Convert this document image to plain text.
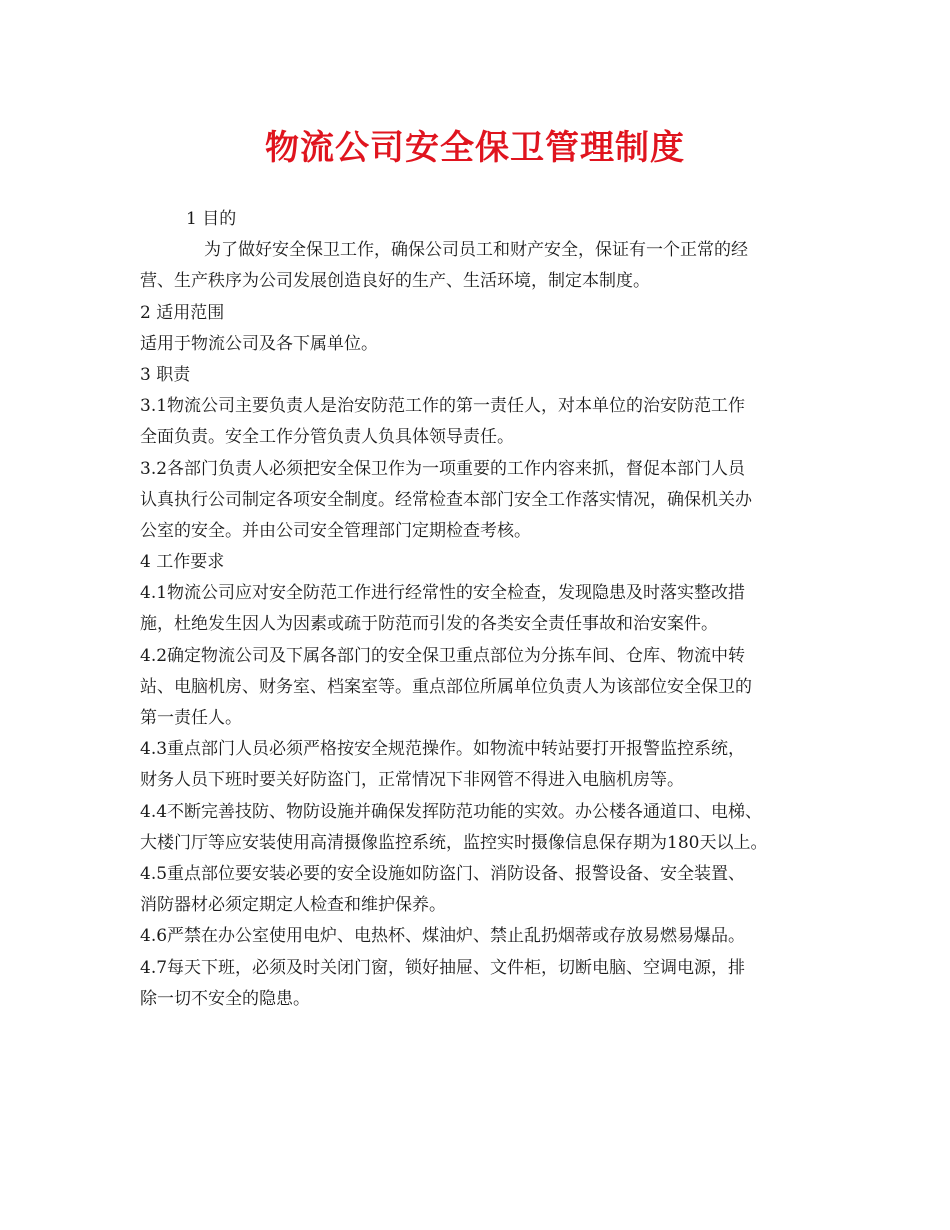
物流公司安全保卫管理制度
1 目的
为了做好安全保卫工作，确保公司员工和财产安全，保证有一个正常的经
营、生产秩序为公司发展创造良好的生产、生活环境，制定本制度。
2 适用范围
适用于物流公司及各下属单位。
3 职责
3.1物流公司主要负责人是治安防范工作的第一责任人，对本单位的治安防范工作
全面负责。安全工作分管负责人负具体领导责任。
3.2各部门负责人必须把安全保卫作为一项重要的工作内容来抓，督促本部门人员
认真执行公司制定各项安全制度。经常检查本部门安全工作落实情况，确保机关办
公室的安全。并由公司安全管理部门定期检查考核。
4 工作要求
4.1物流公司应对安全防范工作进行经常性的安全检查，发现隐患及时落实整改措
施，杜绝发生因人为因素或疏于防范而引发的各类安全责任事故和治安案件。
4.2确定物流公司及下属各部门的安全保卫重点部位为分拣车间、仓库、物流中转
站、电脑机房、财务室、档案室等。重点部位所属单位负责人为该部位安全保卫的
第一责任人。
4.3重点部门人员必须严格按安全规范操作。如物流中转站要打开报警监控系统，
财务人员下班时要关好防盗门，正常情况下非网管不得进入电脑机房等。
4.4不断完善技防、物防设施并确保发挥防范功能的实效。办公楼各通道口、电梯、
大楼门厅等应安装使用高清摄像监控系统，监控实时摄像信息保存期为180天以上。
4.5重点部位要安装必要的安全设施如防盗门、消防设备、报警设备、安全装置、
消防器材必须定期定人检查和维护保养。
4.6严禁在办公室使用电炉、电热杯、煤油炉、禁止乱扔烟蒂或存放易燃易爆品。
4.7每天下班，必须及时关闭门窗，锁好抽屉、文件柜，切断电脑、空调电源，排
除一切不安全的隐患。
